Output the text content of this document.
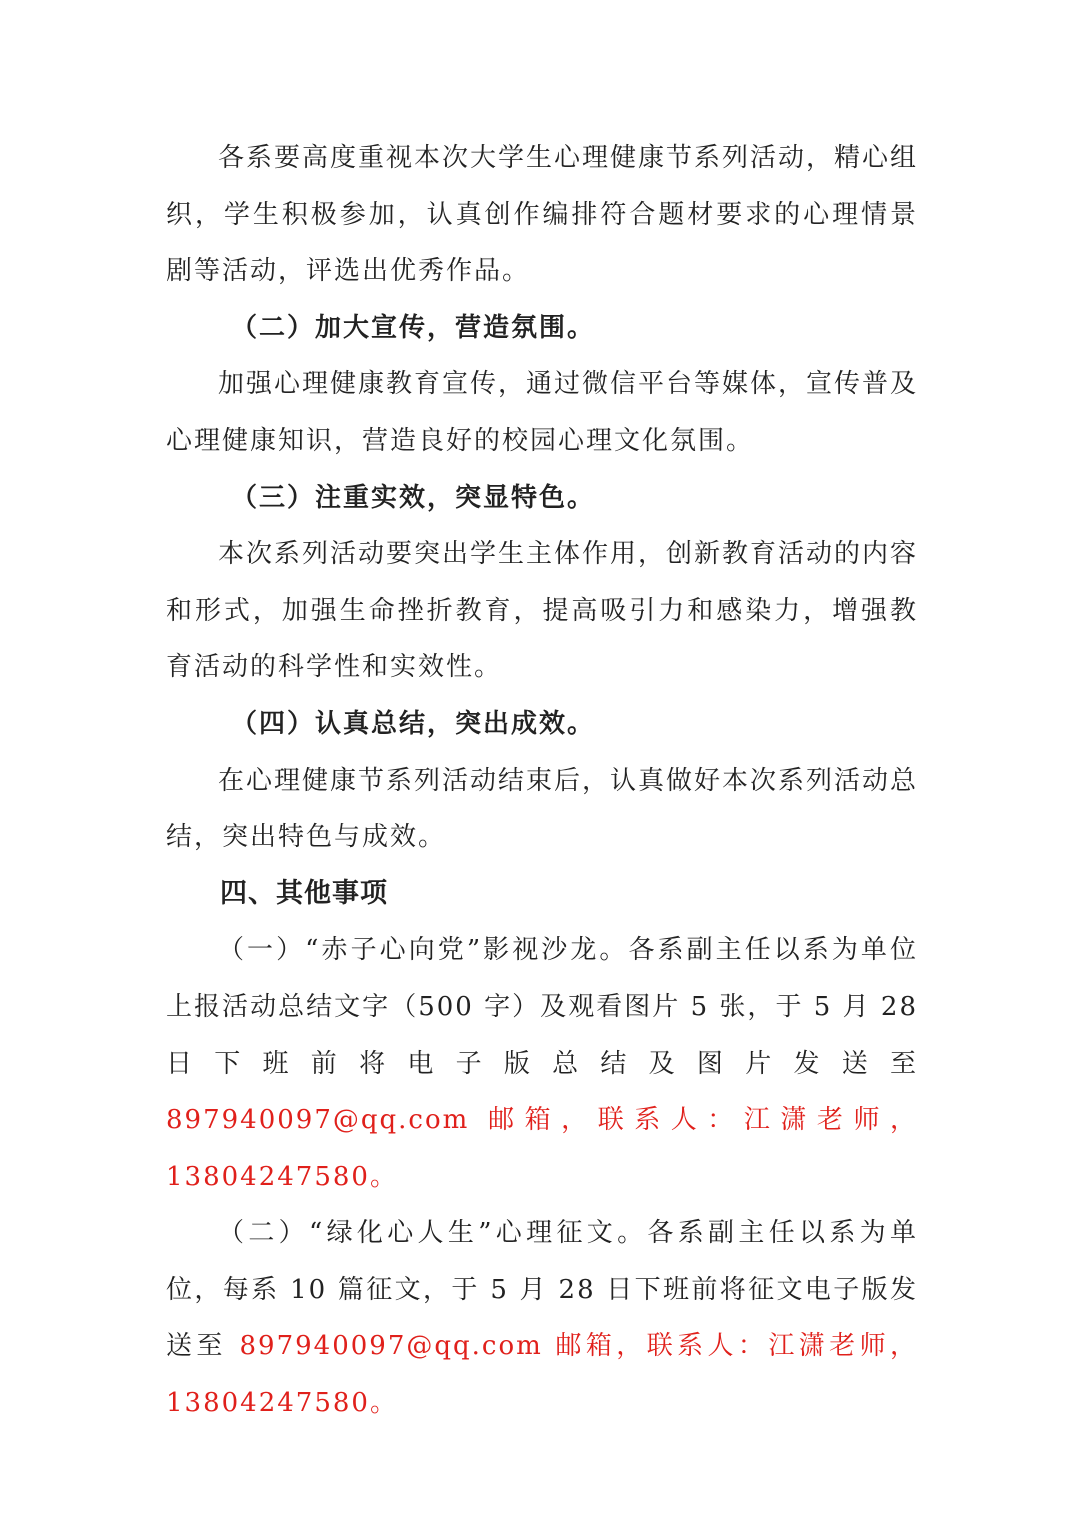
各系要高度重视本次大学生心理健康节系列活动，精心组织，学生积极参加，认真创作编排符合题材要求的心理情景剧等活动，评选出优秀作品。

（二）加大宣传，营造氛围。

加强心理健康教育宣传，通过微信平台等媒体，宣传普及心理健康知识，营造良好的校园心理文化氛围。

（三）注重实效，突显特色。

本次系列活动要突出学生主体作用，创新教育活动的内容和形式，加强生命挫折教育，提高吸引力和感染力，增强教育活动的科学性和实效性。

（四）认真总结，突出成效。

在心理健康节系列活动结束后，认真做好本次系列活动总结，突出特色与成效。

四、其他事项

（一）“赤子心向党”影视沙龙。各系副主任以系为单位上报活动总结文字（500 字）及观看图片 5 张，于 5 月 28 日下班前将电子版总结及图片发送至 897940097@qq.com 邮箱，联系人：江潇老师，13804247580。

（二）“绿化心人生”心理征文。各系副主任以系为单位，每系 10 篇征文，于 5 月 28 日下班前将征文电子版发送至 897940097@qq.com 邮箱，联系人：江潇老师，13804247580。
